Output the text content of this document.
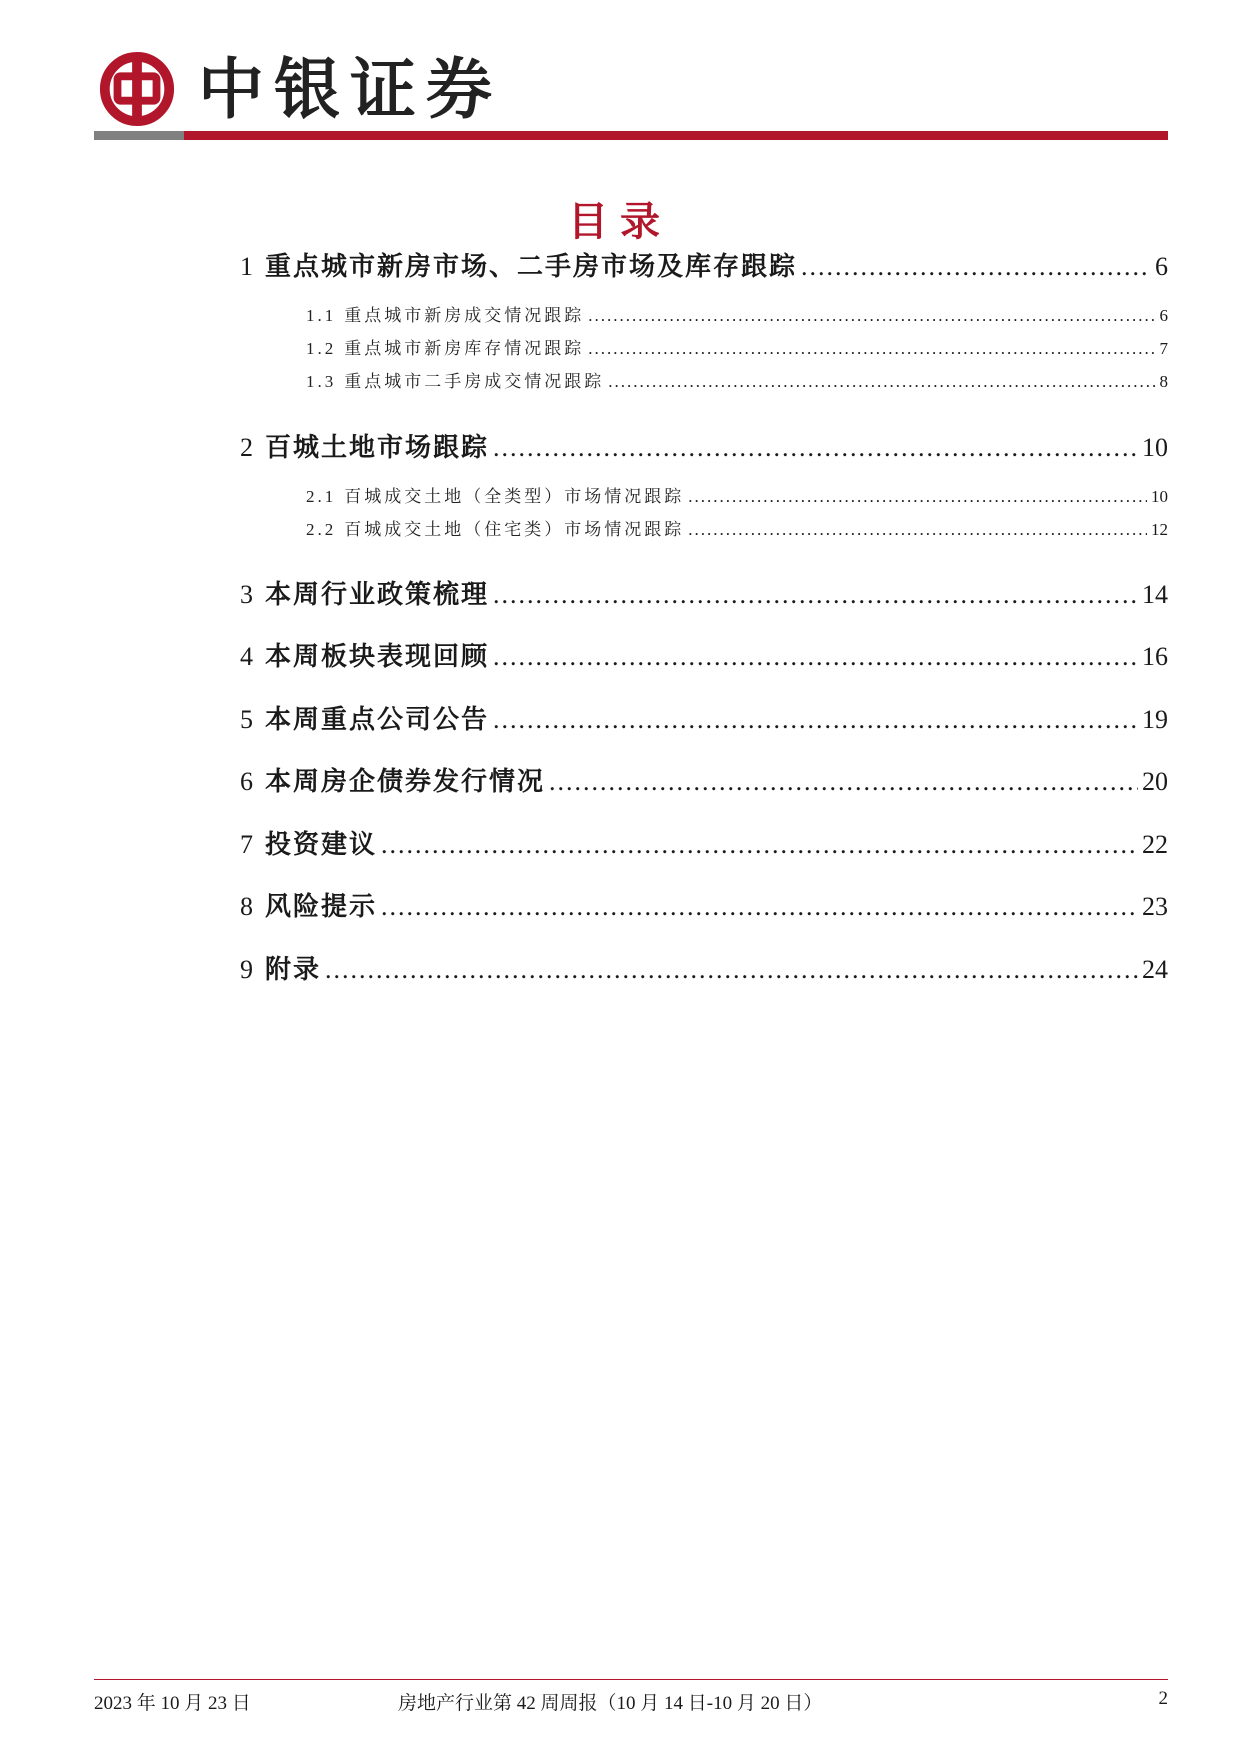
中银证券
目录
1 重点城市新房市场、二手房市场及库存跟踪 .....	6
1.1 重点城市新房成交情况跟踪 .....	6
1.2 重点城市新房库存情况跟踪 .....	7
1.3 重点城市二手房成交情况跟踪 .....	8
2 百城土地市场跟踪 .....	10
2.1 百城成交土地（全类型）市场情况跟踪 .....	10
2.2 百城成交土地（住宅类）市场情况跟踪 .....	12
3 本周行业政策梳理 .....	14
4 本周板块表现回顾 .....	16
5 本周重点公司公告 .....	19
6 本周房企债券发行情况 .....	20
7 投资建议 .....	22
8 风险提示 .....	23
9 附录 .....	24
2023 年 10 月 23 日	房地产行业第 42 周周报（10 月 14 日-10 月 20 日）	2
